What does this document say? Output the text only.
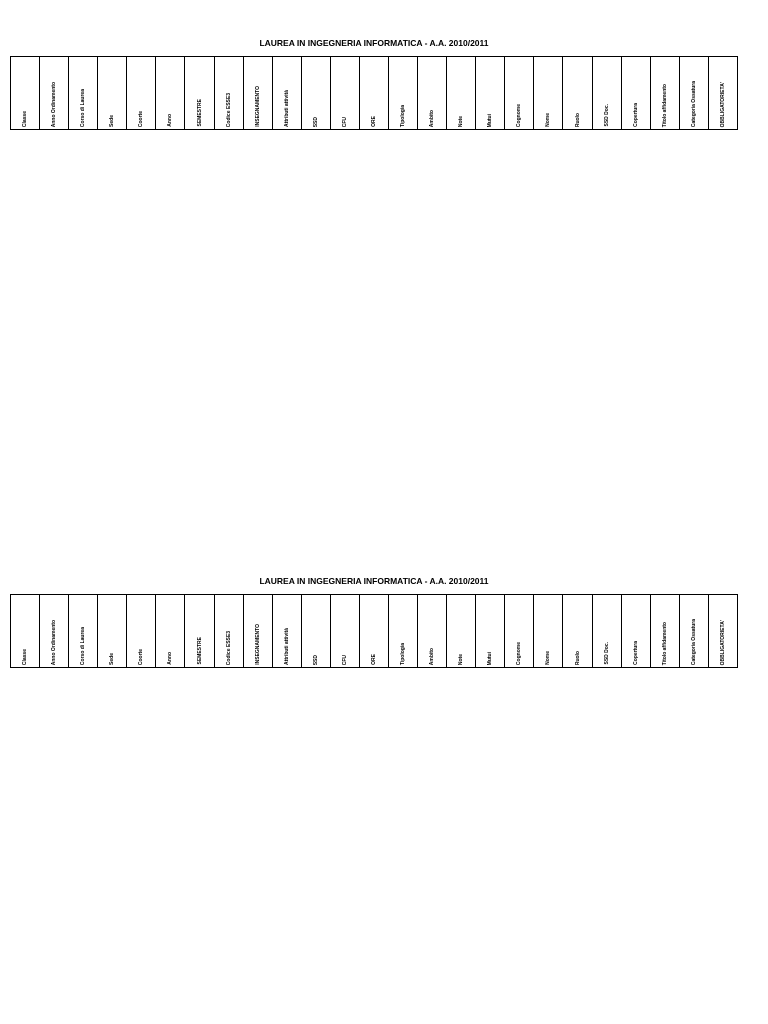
LAUREA IN INGEGNERIA INFORMATICA - A.A. 2010/2011
Classe	Anno Ordinamento	Corso di Laurea	Sede	Coorte	Anno	SEMESTRE	Codice ESSE3	INSEGNAMENTO	Attributi attività	SSD	CFU	ORE	Tipologia	Ambito	Note	Mutui	Cognome	Nome	Ruolo	SSD Doc.	Copertura	Titolo affidamento	Categoria Ossatura	OBBLIGATORIETA'
LAUREA IN INGEGNERIA INFORMATICA - A.A. 2010/2011
Classe	Anno Ordinamento	Corso di Laurea	Sede	Coorte	Anno	SEMESTRE	Codice ESSE3	INSEGNAMENTO	Attributi attività	SSD	CFU	ORE	Tipologia	Ambito	Note	Mutui	Cognome	Nome	Ruolo	SSD Doc.	Copertura	Titolo affidamento	Categoria Ossatura	OBBLIGATORIETA'
